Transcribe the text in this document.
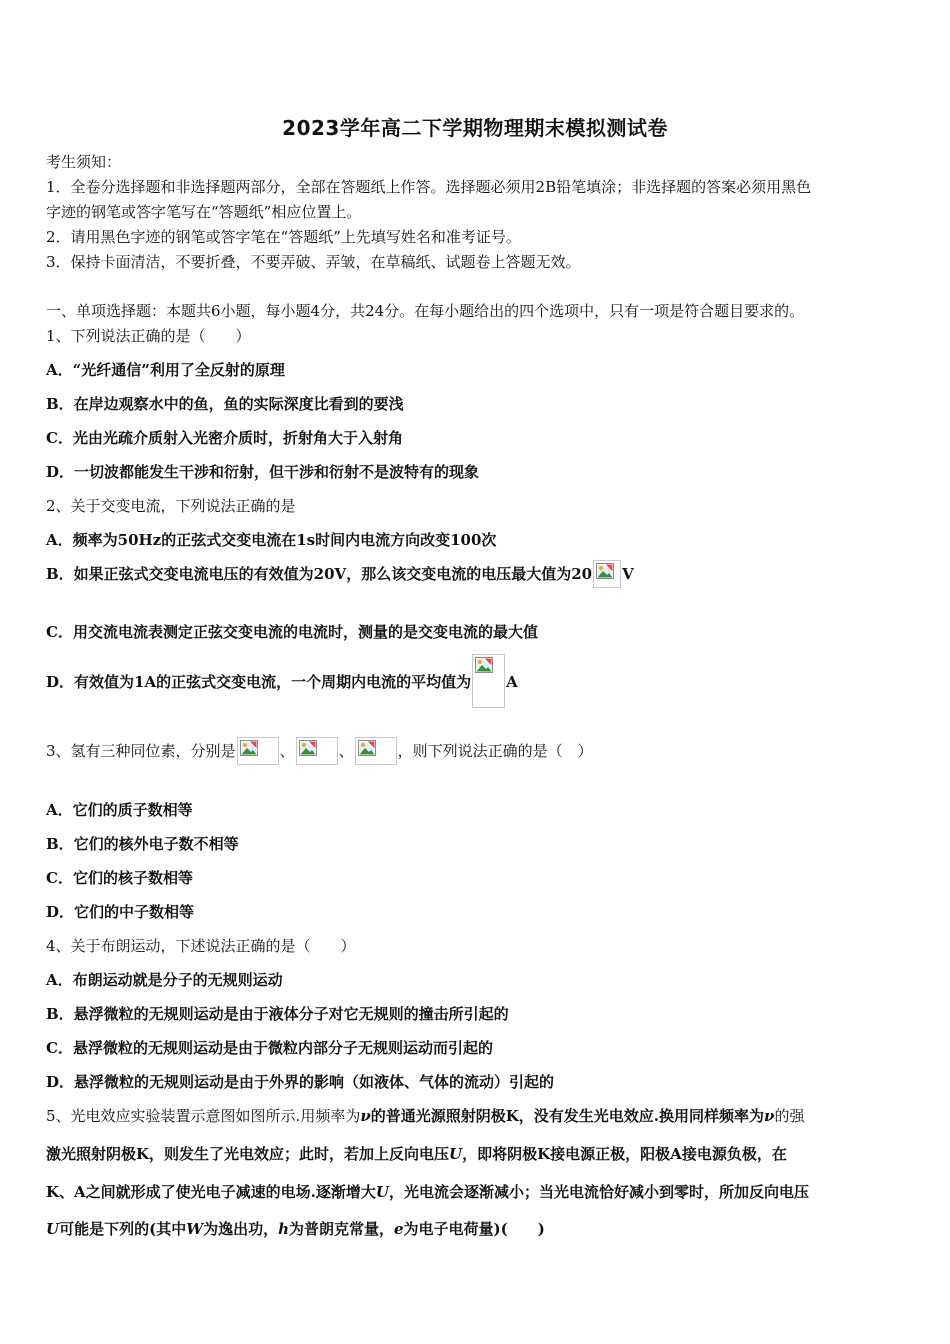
2023学年高二下学期物理期末模拟测试卷
考生须知：
1．全卷分选择题和非选择题两部分，全部在答题纸上作答。选择题必须用2B铅笔填涂；非选择题的答案必须用黑色
字迹的钢笔或答字笔写在“答题纸”相应位置上。
2．请用黑色字迹的钢笔或答字笔在“答题纸”上先填写姓名和准考证号。
3．保持卡面清洁，不要折叠，不要弄破、弄皱，在草稿纸、试题卷上答题无效。
一、单项选择题：本题共6小题，每小题4分，共24分。在每小题给出的四个选项中，只有一项是符合题目要求的。
1、下列说法正确的是（　　）
A．“光纤通信”利用了全反射的原理
B．在岸边观察水中的鱼，鱼的实际深度比看到的要浅
C．光由光疏介质射入光密介质时，折射角大于入射角
D．一切波都能发生干涉和衍射，但干涉和衍射不是波特有的现象
2、关于交变电流，下列说法正确的是
A．频率为50Hz的正弦式交变电流在1s时间内电流方向改变100次
B．如果正弦式交变电流电压的有效值为20V，那么该交变电流的电压最大值为20 V
C．用交流电流表测定正弦交变电流的电流时，测量的是交变电流的最大值
D．有效值为1A的正弦式交变电流，一个周期内电流的平均值为 A
3、氢有三种同位素，分别是	、	、	，则下列说法正确的是（　）
A．它们的质子数相等
B．它们的核外电子数不相等
C．它们的核子数相等
D．它们的中子数相等
4、关于布朗运动，下述说法正确的是（　　）
A．布朗运动就是分子的无规则运动
B．悬浮微粒的无规则运动是由于液体分子对它无规则的撞击所引起的
C．悬浮微粒的无规则运动是由于微粒内部分子无规则运动而引起的
D．悬浮微粒的无规则运动是由于外界的影响（如液体、气体的流动）引起的
5、光电效应实验装置示意图如图所示.用频率为ν的普通光源照射阴极K，没有发生光电效应.换用同样频率为ν的强
激光照射阴极K，则发生了光电效应；此时，若加上反向电压U，即将阴极K接电源正极，阳极A接电源负极，在
K、A之间就形成了使光电子减速的电场.逐渐增大U，光电流会逐渐减小；当光电流恰好减小到零时，所加反向电压
U可能是下列的(其中W为逸出功，h为普朗克常量，e为电子电荷量)(　　)
